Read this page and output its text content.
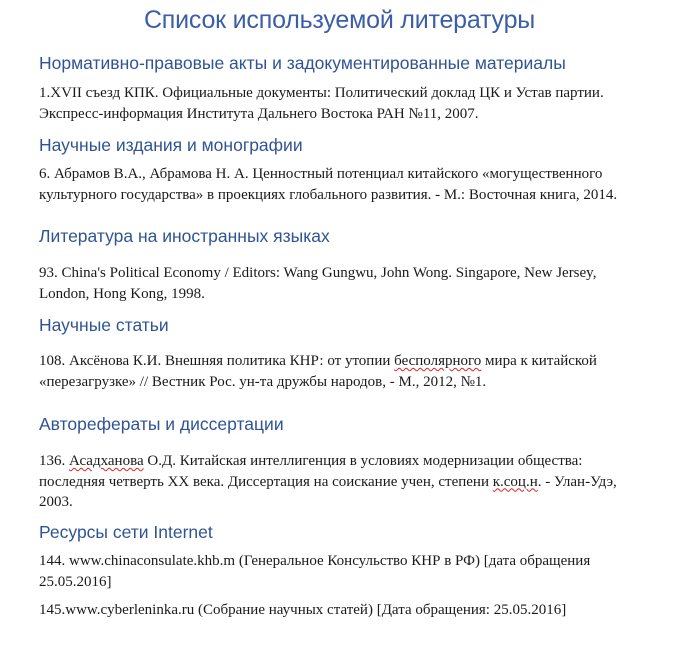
Список используемой литературы
Нормативно-правовые акты и задокументированные материалы

1.XVII съезд КПК. Официальные документы: Политический доклад ЦК и Устав партии.
Экспресс-информация Института Дальнего Востока РАН №11, 2007.

Научные издания и монографии

6. Абрамов В.А., Абрамова Н. А. Ценностный потенциал китайского «могущественного
культурного государства» в проекциях глобального развития. - М.: Восточная книга, 2014.

Литература на иностранных языках

93. China's Political Economy / Editors: Wang Gungwu, John Wong. Singapore, New Jersey,
London, Hong Kong, 1998.

Научные статьи

108. Аксёнова К.И. Внешняя политика КНР: от утопии бесполярного мира к китайской
«перезагрузке» // Вестник Рос. ун-та дружбы народов, - М., 2012, №1.

Авторефераты и диссертации

136. Асадханова О.Д. Китайская интеллигенция в условиях модернизации общества:
последняя четверть XX века. Диссертация на соискание учен, степени к.соц.н. - Улан-Удэ,
2003.

Ресурсы сети Internet

144. www.chinaconsulate.khb.m (Генеральное Консульство КНР в РФ) [дата обращения
25.05.2016]

145.www.cyberleninka.ru (Собрание научных статей) [Дата обращения: 25.05.2016]
